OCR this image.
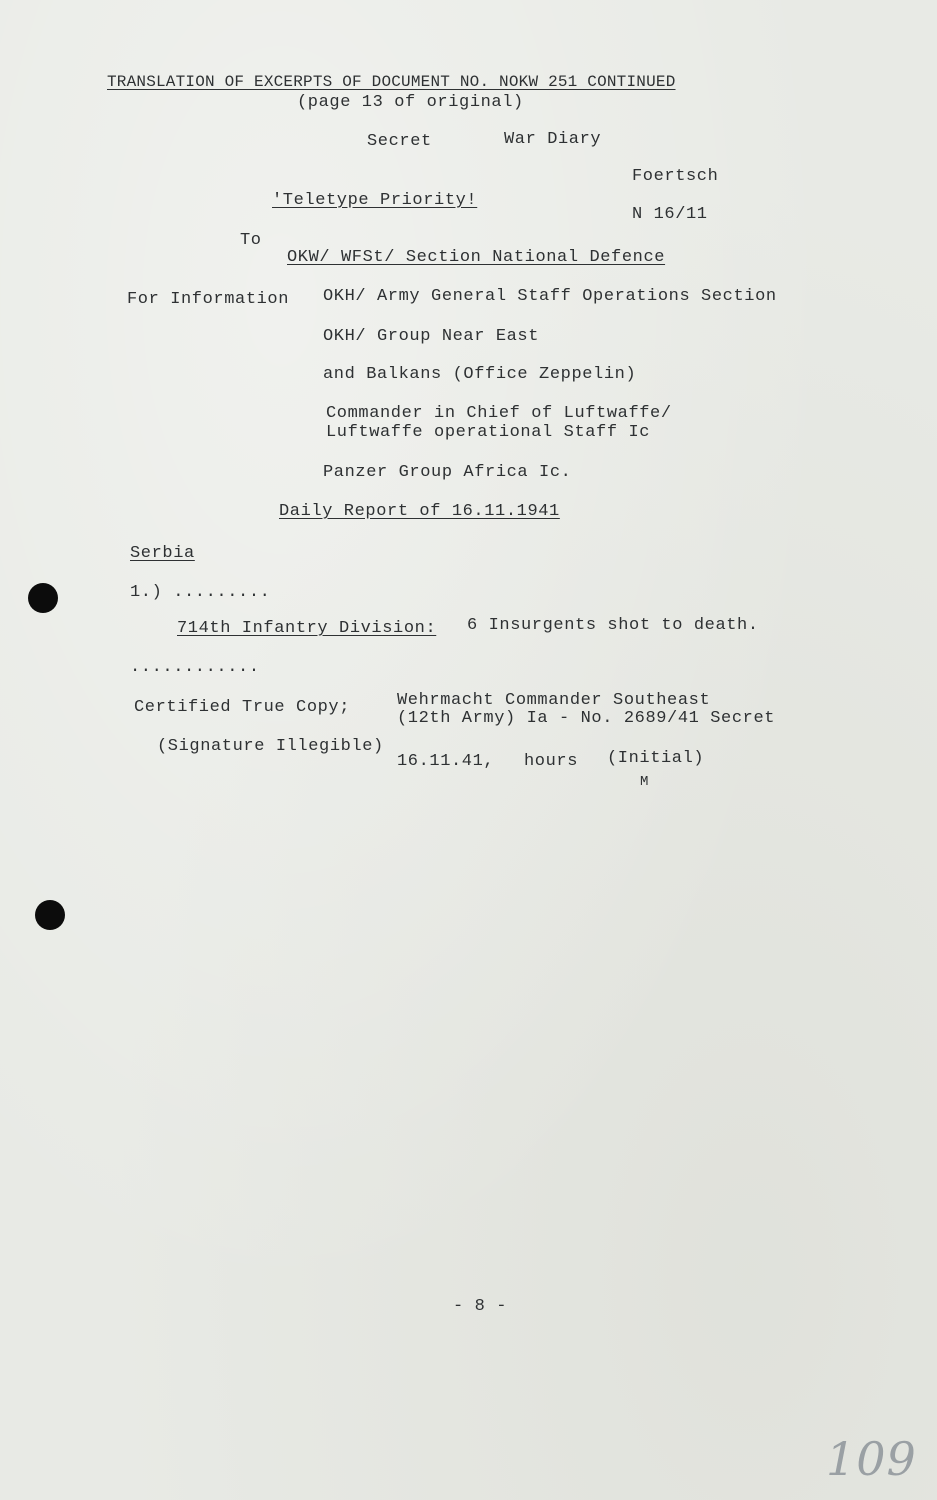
TRANSLATION OF EXCERPTS OF DOCUMENT NO. NOKW 251 CONTINUED
(page 13 of original)
Secret	War Diary
Foertsch
'Teletype Priority!
N 16/11
To
OKW/ WFSt/ Section National Defence
For Information OKH/ Army General Staff Operations Section
OKH/ Group Near East
and Balkans (Office Zeppelin)
Commander in Chief of Luftwaffe/
Luftwaffe operational Staff Ic
Panzer Group Africa Ic.
Daily Report of 16.11.1941
Serbia
1.) .........
714th Infantry Division: 6 Insurgents shot to death.
............
Certified True Copy;	Wehrmacht Commander Southeast
(12th Army) Ia - No. 2689/41 Secret
(Signature Illegible)
16.11.41, hours (Initial)
M
- 8 -
109
